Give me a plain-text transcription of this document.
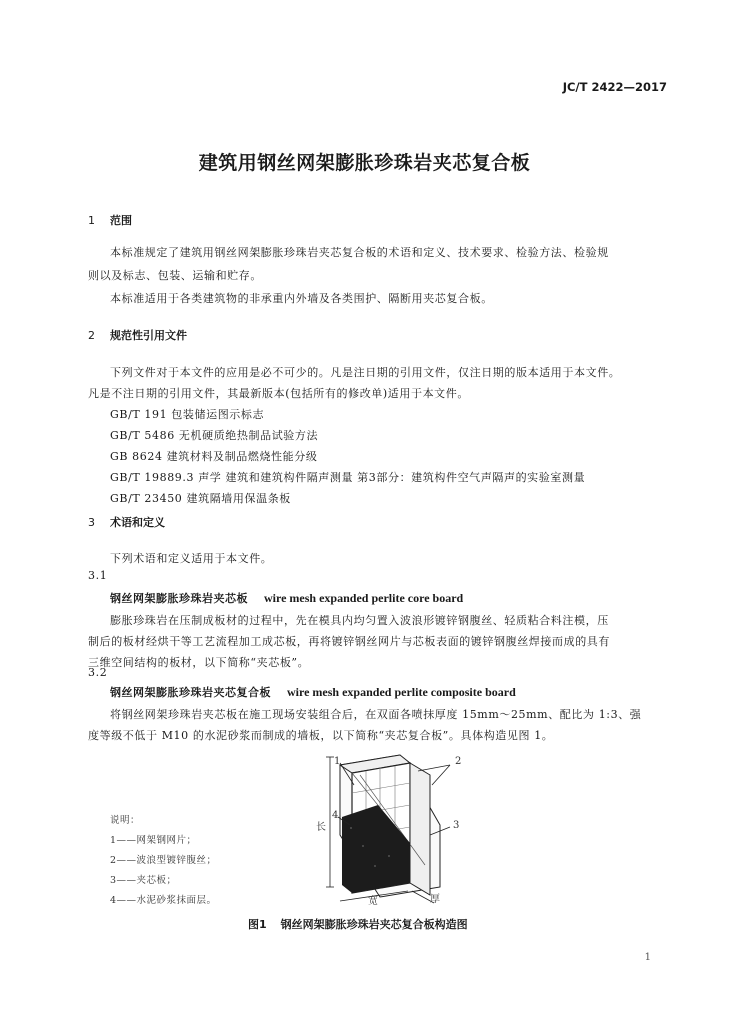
JC/T 2422—2017
建筑用钢丝网架膨胀珍珠岩夹芯复合板
1 范围
本标准规定了建筑用钢丝网架膨胀珍珠岩夹芯复合板的术语和定义、技术要求、检验方法、检验规
则以及标志、包装、运输和贮存。
本标准适用于各类建筑物的非承重内外墙及各类围护、隔断用夹芯复合板。
2 规范性引用文件
下列文件对于本文件的应用是必不可少的。凡是注日期的引用文件，仅注日期的版本适用于本文件。
凡是不注日期的引用文件，其最新版本(包括所有的修改单)适用于本文件。
GB/T 191 包装储运图示标志
GB/T 5486 无机硬质绝热制品试验方法
GB 8624 建筑材料及制品燃烧性能分级
GB/T 19889.3 声学 建筑和建筑构件隔声测量 第3部分：建筑构件空气声隔声的实验室测量
GB/T 23450 建筑隔墙用保温条板
3 术语和定义
下列术语和定义适用于本文件。
3.1
钢丝网架膨胀珍珠岩夹芯板 wire mesh expanded perlite core board
膨胀珍珠岩在压制成板材的过程中，先在模具内均匀置入波浪形镀锌钢腹丝、轻质粘合料注模，压
制后的板材经烘干等工艺流程加工成芯板，再将镀锌钢丝网片与芯板表面的镀锌钢腹丝焊接而成的具有
三维空间结构的板材，以下简称“夹芯板”。
3.2
钢丝网架膨胀珍珠岩夹芯复合板 wire mesh expanded perlite composite board
将钢丝网架珍珠岩夹芯板在施工现场安装组合后，在双面各喷抹厚度 15mm～25mm、配比为 1:3、强
度等级不低于 M10 的水泥砂浆而制成的墙板，以下简称“夹芯复合板”。具体构造见图 1。
说明：
1——网架钢网片；
2——波浪型镀锌腹丝；
3——夹芯板；
4——水泥砂浆抹面层。
1	2
3
4
长
宽	厚
图1 钢丝网架膨胀珍珠岩夹芯复合板构造图
1
